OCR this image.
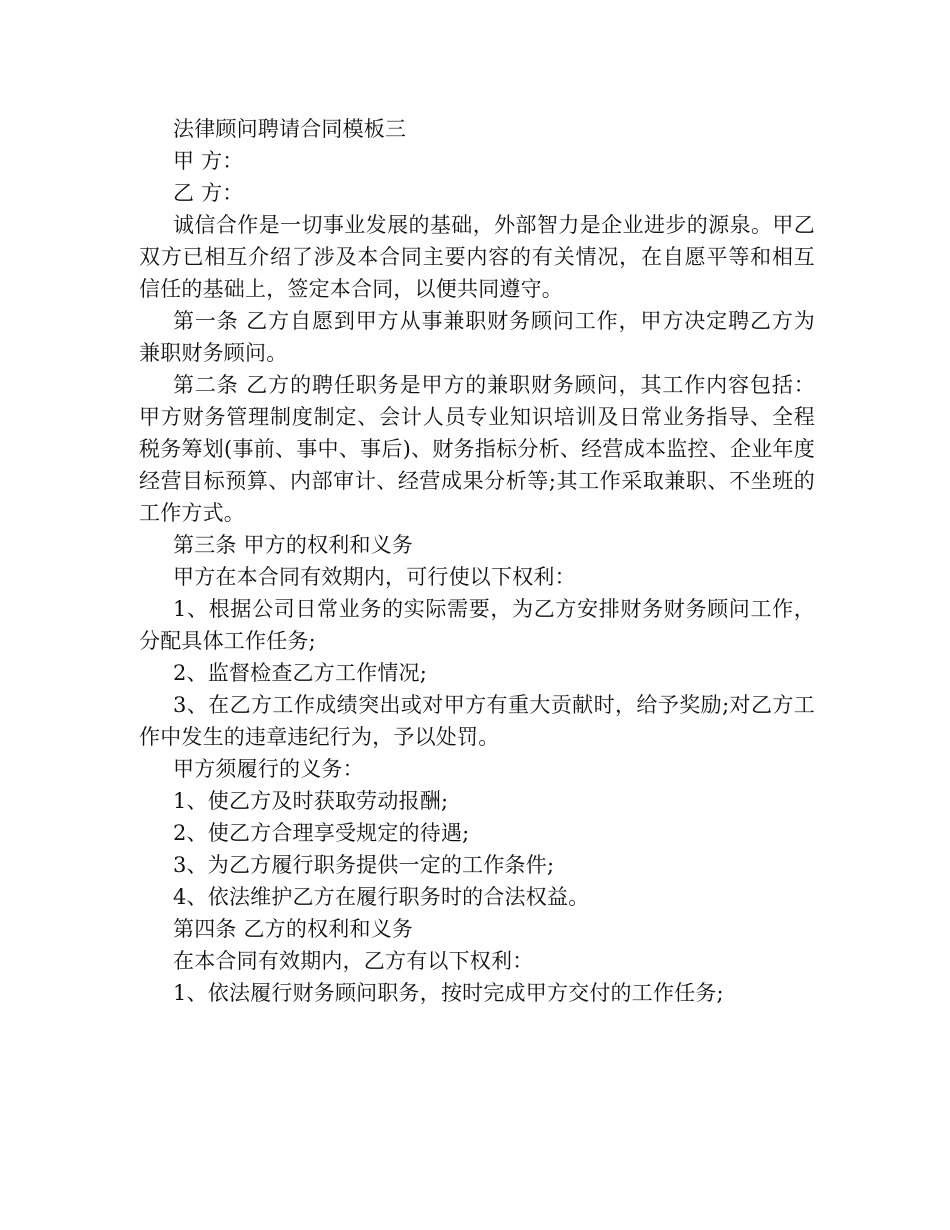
法律顾问聘请合同模板三

甲 方：

乙 方：

诚信合作是一切事业发展的基础，外部智力是企业进步的源泉。甲乙双方已相互介绍了涉及本合同主要内容的有关情况，在自愿平等和相互信任的基础上，签定本合同，以便共同遵守。

第一条 乙方自愿到甲方从事兼职财务顾问工作，甲方决定聘乙方为兼职财务顾问。

第二条 乙方的聘任职务是甲方的兼职财务顾问，其工作内容包括：甲方财务管理制度制定、会计人员专业知识培训及日常业务指导、全程税务筹划(事前、事中、事后)、财务指标分析、经营成本监控、企业年度经营目标预算、内部审计、经营成果分析等;其工作采取兼职、不坐班的工作方式。

第三条 甲方的权利和义务

甲方在本合同有效期内，可行使以下权利：

1、根据公司日常业务的实际需要，为乙方安排财务财务顾问工作，分配具体工作任务;

2、监督检查乙方工作情况;

3、在乙方工作成绩突出或对甲方有重大贡献时，给予奖励;对乙方工作中发生的违章违纪行为，予以处罚。

甲方须履行的义务：

1、使乙方及时获取劳动报酬;

2、使乙方合理享受规定的待遇;

3、为乙方履行职务提供一定的工作条件;

4、依法维护乙方在履行职务时的合法权益。

第四条 乙方的权利和义务

在本合同有效期内，乙方有以下权利：

1、依法履行财务顾问职务，按时完成甲方交付的工作任务;
